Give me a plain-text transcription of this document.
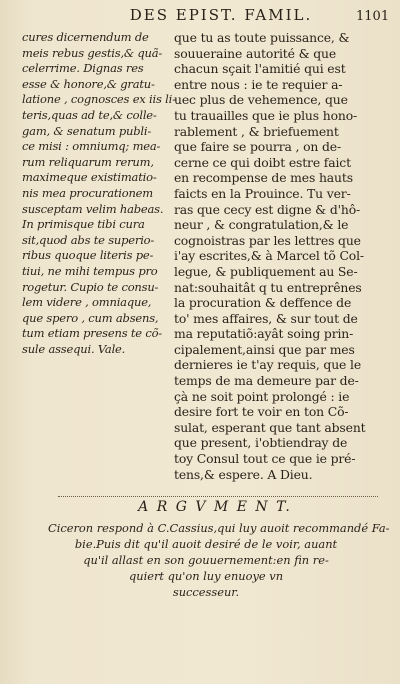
DES EPIST. FAMIL.	1101
cures dicernendum de
meis rebus gestis,& quã-
celerrime. Dignas res
esse & honore,& gratu-
latione , cognosces ex iis li-
teris,quas ad te,& colle-
gam, & senatum publi-
ce misi : omniumq; mea-
rum reliquarum rerum,
maximeque existimatio-
nis mea procurationem
susceptam velim habeas.
In primisque tibi cura
sit,quod abs te superio-
ribus quoque literis pe-
tiui, ne mihi tempus pro
rogetur. Cupio te consu-
lem videre , omniaque,
que spero , cum absens,
tum etiam presens te cõ-
sule assequi. Vale.
que tu as toute puissance, &
souueraine autorité & que
chacun sçait l'amitié qui est
entre nous : ie te requier a-
uec plus de vehemence, que
tu trauailles que ie plus hono-
rablement , & briefuement
que faire se pourra , on de-
cerne ce qui doibt estre faict
en recompense de mes hauts
faicts en la Prouince. Tu ver-
ras que cecy est digne & d'hô-
neur , & congratulation,& le
cognoistras par les lettres que
i'ay escrites,& à Marcel tõ Col-
legue, & publiquement au Se-
nat:souhaitât q tu entreprênes
la procuration & deffence de
to' mes affaires, & sur tout de
ma reputatiõ:ayât soing prin-
cipalement,ainsi que par mes
dernieres ie t'ay requis, que le
temps de ma demeure par de-
çà ne soit point prolongé : ie
desire fort te voir en ton Cõ-
sulat, esperant que tant absent
que present, i'obtiendray de
toy Consul tout ce que ie pré-
tens,& espere. A Dieu.
A R G V M E N T.
Ciceron respond à C.Cassius,qui luy auoit recommandé Fa-
bie.Puis dit qu'il auoit desiré de le voir, auant
qu'il allast en son gouuernement:en fin re-
quiert qu'on luy enuoye vn
successeur.
